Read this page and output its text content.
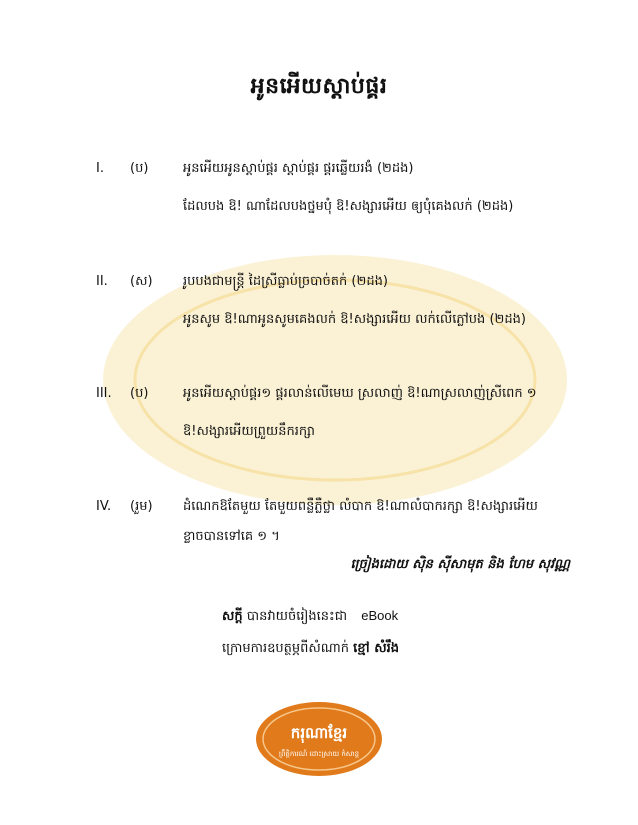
អូនអើយស្តាប់ផ្គរ
I. (ប)	អូនអើយអូនស្តាប់ផ្គរ ស្តាប់ផ្គរ ផ្គរឆ្លើយរងំ (២ដង)
ដែលបង ឱ! ណាដែលបងថ្នមបុំ ឱ!សង្សារអើយ ឲ្យបុំគេងលក់ (២ដង)
II. (ស) រូបបងជាមន្ត្រី ដៃស្រីធ្លាប់ច្របាច់តក់ (២ដង)
អូនសូម ឱ!ណាអូនសូមគេងលក់ ឱ!សង្សារអើយ លក់លើភ្លៅបង (២ដង)
III. (ប)	អូនអើយស្តាប់ផ្គរ១ ផ្គរលាន់លើមេឃ ស្រលាញ់ ឱ!ណាស្រលាញ់ស្រីពេក ១
ឱ!សង្សារអើយព្រួយនឹករក្សា
IV. (រួម) ដំណេកឱតែមួយ តែមួយពន្លឺភ្លឺថ្លា លំបាក ឱ!ណាលំបាករក្សា ឱ!សង្សារអើយ
ខ្លាចបានទៅគេ ១ ។
ច្រៀងដោយ ស៊ិន ស៊ីសាមុត និង ហែម សុវណ្ណ
សក្តី បានវាយចំរៀងនេះជា eBook
ក្រោមការឧបត្ថម្ភពីសំណាក់ ខ្មៅ សំរឹង
ករុណាខ្មែរ
ព្រឹត្តិការណ៍ ដោះស្រាយ កំសាន្ត
